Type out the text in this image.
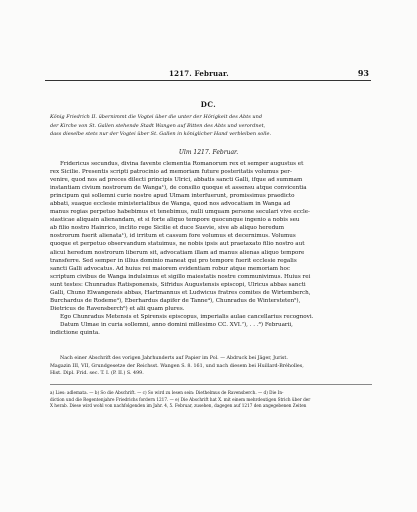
1217. Februar.	93
DC.
König Friedrich II. übernimmt die Vogtei über die unter der Hörigkeit des Abts und
der Kirche von St. Gallen stehende Stadt Wangen auf Bitten des Abts und verordnet,
dass dieselbe stets nur der Vogtei über St. Gallen in königlicher Hand verbleiben solle.
Ulm 1217. Februar.
Fridericus secundus, divina favente clementia Romanorum rex et semper augustus et
rex Sicilie. Presentis scripti patrocinio ad memoriam future posteritatis volumus per-
venire, quod nos ad preces dilecti principis Ulrici, abbatis sancti Galli, ifque ad summam
instantiam civium nostrorum de Wanga¹), de consilio quoque et assensu atque convicentia
principum qui sollemni curie nostre apud Ulmam interfuerunt, promissimus praedicto
abbati, suaque ecclesie ministerialibus de Wanga, quod nos advocatiam in Wanga ad
manus regias perpetuo habebimus et tenebimus, nulli umquam persone seculari vive eccle-
siasticae aliquain alienandam, et si forte aliquo tempore quocunque ingenio a nobis seu
ab filio nostro Hainrico, inclito rege Sicilie et duce Suevie, sive ab aliquo heredum
nostrorum fuerit alienata¹), id irritum et cassum fore volumus et decernimus. Volumus
quoque et perpetuo observandum statuimus, ne nobis ipsis aut praetaxato filio nostro aut
alicui heredum nostrorum liberum sit, advocatiam illam ad manus alienas aliquo tempore
transferre. Sed semper in illius dominio maneat qui pro tempore fuerit ecclesie regalis
sancti Galli advocatus. Ad huius rei maiorem evidentiam robur atque memoriam hoc
scriptum civibus de Wanga indulsimus et sigillo maiestatis nostre communivimus. Huius rei
sunt testes: Chunradus Ratisponensis, Sifridus Augustensis episcopi, Ulricus abbas sancti
Galli, Chuno Elwangensis abbas, Hartmannus et Ludwicus fratres comites de Wirtemberch,
Burchardus de Rodeme³), Eberhardus dapifer de Tanne⁴), Chunradus de Wintersteten⁵),
Dietricus de Ravensberch⁶) et alii quam plures.
Ego Chunradus Metensis et Spirensis episcopus, imperialis aulae cancellarius recognovi.
Datum Ulmae in curia sollemni, anno domini millesimo CC. XVI.⁷), . . .⁸) Februarii,
indictione quinta.
Nach einer Abschrift des vorigen Jahrhunderts auf Papier im Pol. — Abdruck bei Jäger, Jurist.
Magazin III, VII, Grundgesetze der Reichsst. Wangen S. 8. 161, und nach diesem bei Huillard-Bréholles,
Hist. Dipl. Frid. sec. T. I. (P. II.) S. 499.
a) Lies: adlemata. — b) So die Abschrift. — c) So wird zu lesen sein: Diethelmus de Ravensberch. — d) Die In-
diction und die Regentenjahre Friedrichs fordern 1217. — e) Die Abschrift hat X. mit einem mehrdeutigen Strich über der
X herab. Diese wird wohl von nachfolgenden im Jahr. 4, 5. Februar, zusehen, dagegen auf 1217 den angegebenen Zeiten
